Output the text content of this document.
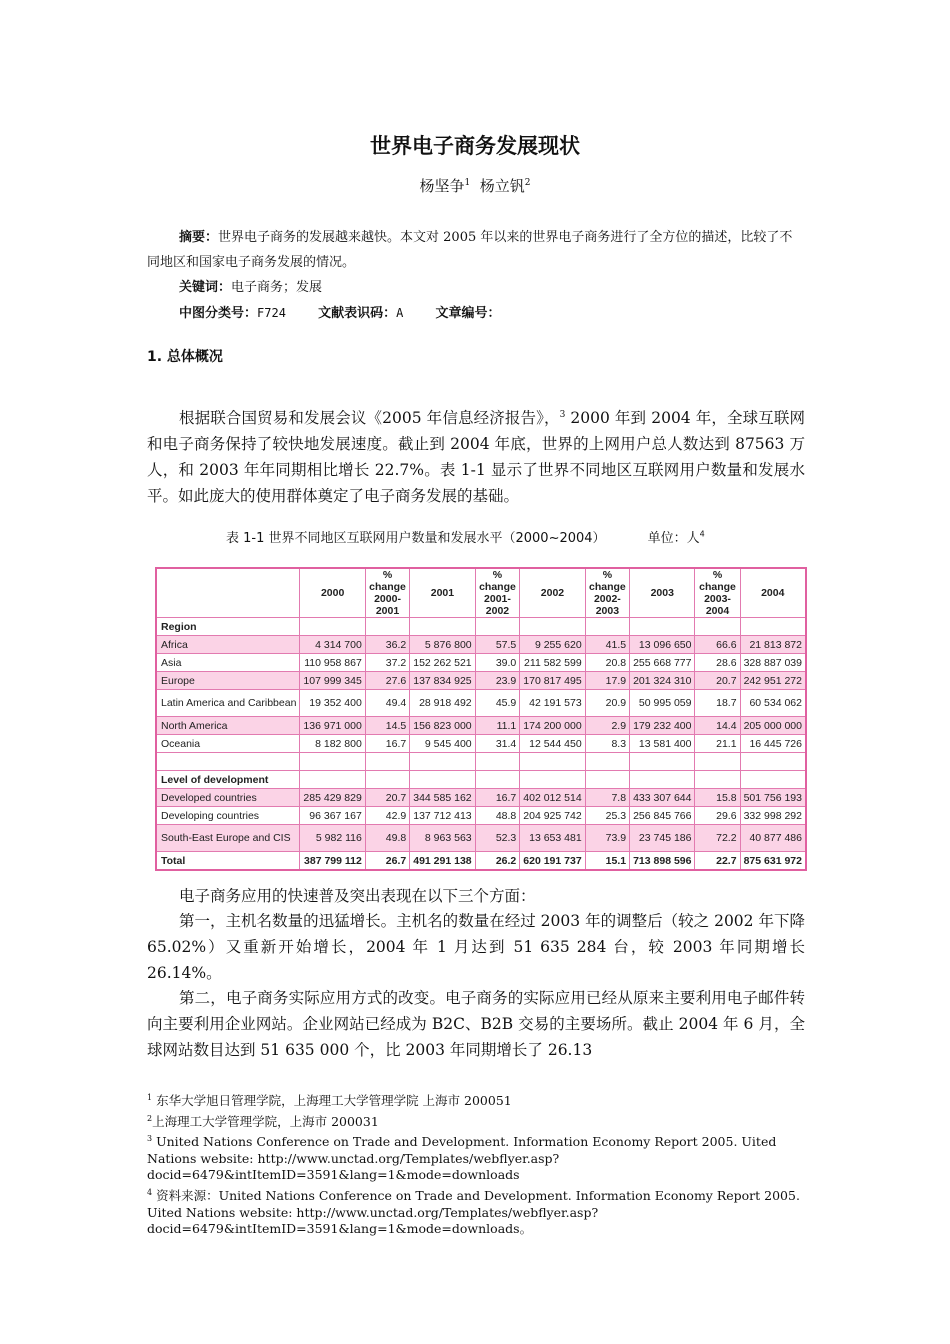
世界电子商务发展现状
杨坚争$^1$ 杨立钒$^2$
摘要：世界电子商务的发展越来越快。本文对 2005 年以来的世界电子商务进行了全方位的描述，比较了不同地区和国家电子商务发展的情况。
关键词：电子商务；发展
中图分类号：F724 文献表识码：A 文章编号：
1. 总体概况

根据联合国贸易和发展会议《2005 年信息经济报告》，$^3$ 2000 年到 2004 年，全球互联网和电子商务保持了较快地发展速度。截止到 2004 年底，世界的上网用户总人数达到 87563 万人，和 2003 年年同期相比增长 22.7%。表 1-1 显示了世界不同地区互联网用户数量和发展水平。如此庞大的使用群体奠定了电子商务发展的基础。

表 1-1 世界不同地区互联网用户数量和发展水平（2000~2004）	单位：人$^4$
	2000	% change 2000-2001	2001	% change 2001-2002	2002	% change 2002-2003	2003	% change 2003-2004	2004
Region									
Africa	4 314 700	36.2	5 876 800	57.5	9 255 620	41.5	13 096 650	66.6	21 813 872
Asia	110 958 867	37.2	152 262 521	39.0	211 582 599	20.8	255 668 777	28.6	328 887 039
Europe	107 999 345	27.6	137 834 925	23.9	170 817 495	17.9	201 324 310	20.7	242 951 272
Latin America and Caribbean	19 352 400	49.4	28 918 492	45.9	42 191 573	20.9	50 995 059	18.7	60 534 062
North America	136 971 000	14.5	156 823 000	11.1	174 200 000	2.9	179 232 400	14.4	205 000 000
Oceania	8 182 800	16.7	9 545 400	31.4	12 544 450	8.3	13 581 400	21.1	16 445 726

Level of development									
Developed countries	285 429 829	20.7	344 585 162	16.7	402 012 514	7.8	433 307 644	15.8	501 756 193
Developing countries	96 367 167	42.9	137 712 413	48.8	204 925 742	25.3	256 845 766	29.6	332 998 292
South-East Europe and CIS	5 982 116	49.8	8 963 563	52.3	13 653 481	73.9	23 745 186	72.2	40 877 486
Total	387 799 112	26.7	491 291 138	26.2	620 191 737	15.1	713 898 596	22.7	875 631 972

电子商务应用的快速普及突出表现在以下三个方面：

第一，主机名数量的迅猛增长。主机名的数量在经过 2003 年的调整后（较之 2002 年下降 65.02%）又重新开始增长，2004 年 1 月达到 51 635 284 台，较 2003 年同期增长 26.14%。

第二，电子商务实际应用方式的改变。电子商务的实际应用已经从原来主要利用电子邮件转向主要利用企业网站。企业网站已经成为 B2C、B2B 交易的主要场所。截止 2004 年 6 月，全球网站数目达到 51 635 000 个，比 2003 年同期增长了 26.13

$^1$ 东华大学旭日管理学院，上海理工大学管理学院 上海市 200051
$^2$上海理工大学管理学院，上海市 200031
$^3$ United Nations Conference on Trade and Development. Information Economy Report 2005. Uited Nations website: http://www.unctad.org/Templates/webflyer.asp?docid=6479&intItemID=3591&lang=1&mode=downloads
$^4$ 资料来源：United Nations Conference on Trade and Development. Information Economy Report 2005. Uited Nations website: http://www.unctad.org/Templates/webflyer.asp?docid=6479&intItemID=3591&lang=1&mode=downloads。
